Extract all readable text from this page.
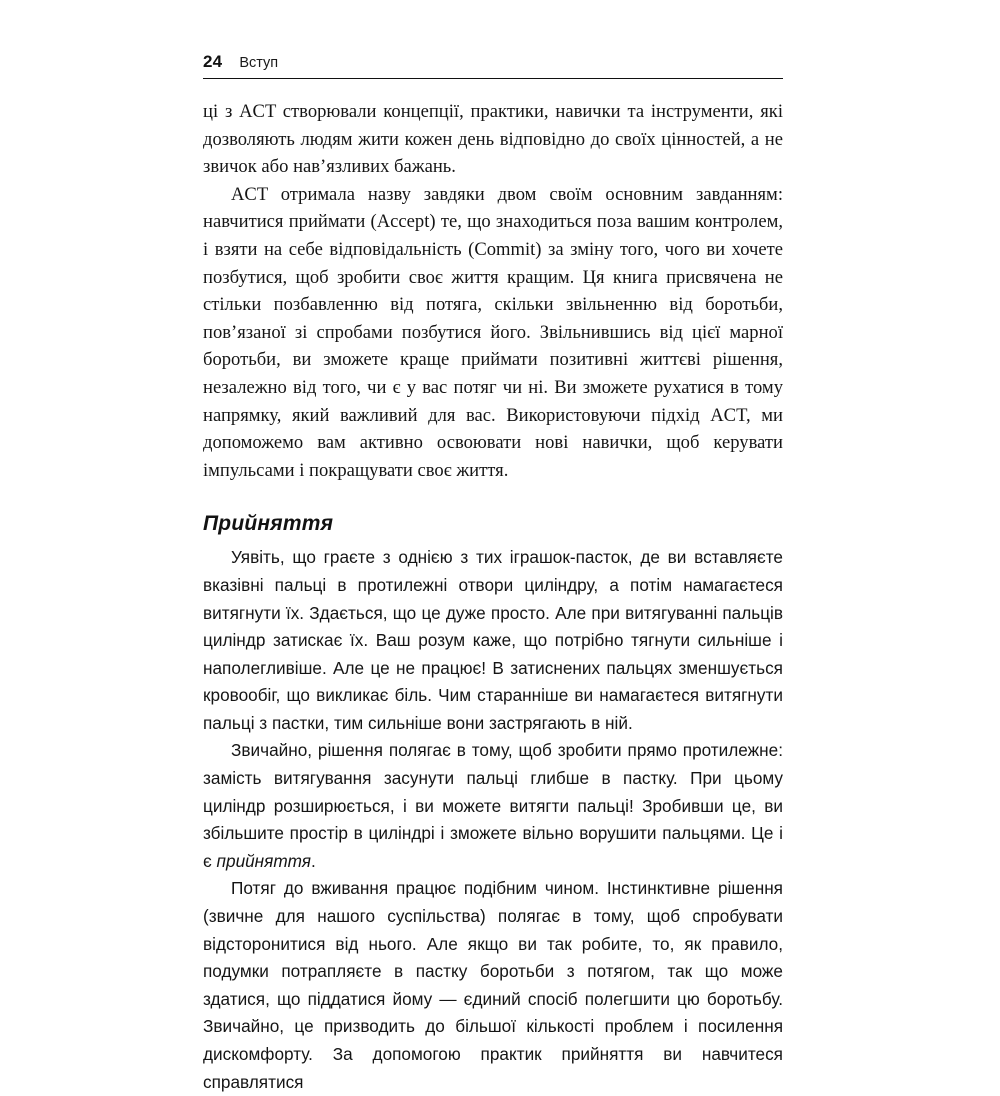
24 Вступ

ці з ACT створювали концепції, практики, навички та інструменти, які дозволяють людям жити кожен день відповідно до своїх цінностей, а не звичок або нав’язливих бажань.

ACT отримала назву завдяки двом своїм основним завданням: навчитися приймати (Accept) те, що знаходиться поза вашим контролем, і взяти на себе відповідальність (Commit) за зміну того, чого ви хочете позбутися, щоб зробити своє життя кращим. Ця книга присвячена не стільки позбавленню від потяга, скільки звільненню від боротьби, пов’язаної зі спробами позбутися його. Звільнившись від цієї марної боротьби, ви зможете краще приймати позитивні життєві рішення, незалежно від того, чи є у вас потяг чи ні. Ви зможете рухатися в тому напрямку, який важливий для вас. Використовуючи підхід ACT, ми допоможемо вам активно освоювати нові навички, щоб керувати імпульсами і покращувати своє життя.

Прийняття

Уявіть, що граєте з однією з тих іграшок-пасток, де ви вставляєте вказівні пальці в протилежні отвори циліндру, а потім намагаєтеся витягнути їх. Здається, що це дуже просто. Але при витягуванні пальців циліндр затискає їх. Ваш розум каже, що потрібно тягнути сильніше і наполегливіше. Але це не працює! В затиснених пальцях зменшується кровообіг, що викликає біль. Чим старанніше ви намагаєтеся витягнути пальці з пастки, тим сильніше вони застрягають в ній.

Звичайно, рішення полягає в тому, щоб зробити прямо протилежне: замість витягування засунути пальці глибше в пастку. При цьому циліндр розширюється, і ви можете витягти пальці! Зробивши це, ви збільшите простір в циліндрі і зможете вільно ворушити пальцями. Це і є прийняття.

Потяг до вживання працює подібним чином. Інстинктивне рішення (звичне для нашого суспільства) полягає в тому, щоб спробувати відсторонитися від нього. Але якщо ви так робите, то, як правило, подумки потрапляєте в пастку боротьби з потягом, так що може здатися, що піддатися йому — єдиний спосіб полегшити цю боротьбу. Звичайно, це призводить до більшої кількості проблем і посилення дискомфорту. За допомогою практик прийняття ви навчитеся справлятися
